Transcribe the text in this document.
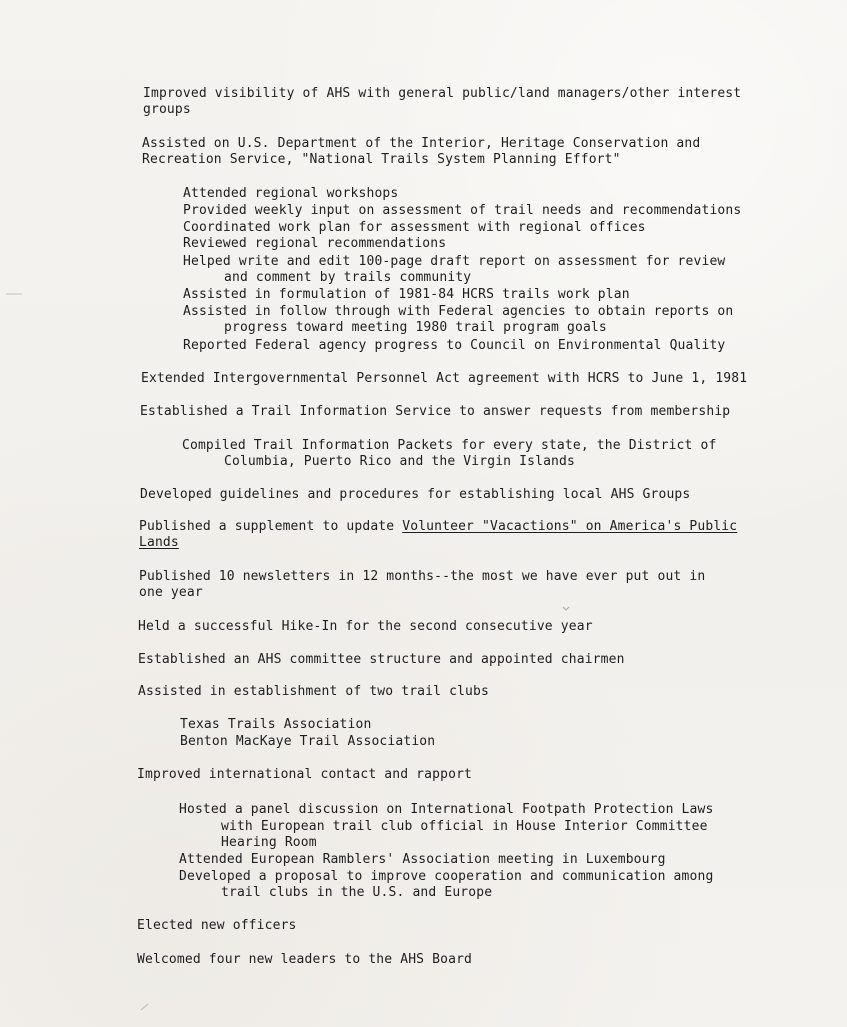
Improved visibility of AHS with general public/land managers/other interest

groups

Assisted on U.S. Department of the Interior, Heritage Conservation and

Recreation Service, "National Trails System Planning Effort"

Attended regional workshops

Provided weekly input on assessment of trail needs and recommendations

Coordinated work plan for assessment with regional offices

Reviewed regional recommendations

Helped write and edit 100-page draft report on assessment for review

and comment by trails community

Assisted in formulation of 1981-84 HCRS trails work plan

Assisted in follow through with Federal agencies to obtain reports on

progress toward meeting 1980 trail program goals

Reported Federal agency progress to Council on Environmental Quality

Extended Intergovernmental Personnel Act agreement with HCRS to June 1, 1981

Established a Trail Information Service to answer requests from membership

Compiled Trail Information Packets for every state, the District of

Columbia, Puerto Rico and the Virgin Islands

Developed guidelines and procedures for establishing local AHS Groups

Published a supplement to update Volunteer "Vacactions" on America's Public

Lands

Published 10 newsletters in 12 months--the most we have ever put out in

one year

Held a successful Hike-In for the second consecutive year

Established an AHS committee structure and appointed chairmen

Assisted in establishment of two trail clubs

Texas Trails Association

Benton MacKaye Trail Association

Improved international contact and rapport

Hosted a panel discussion on International Footpath Protection Laws

with European trail club official in House Interior Committee

Hearing Room

Attended European Ramblers' Association meeting in Luxembourg

Developed a proposal to improve cooperation and communication among

trail clubs in the U.S. and Europe

Elected new officers

Welcomed four new leaders to the AHS Board
